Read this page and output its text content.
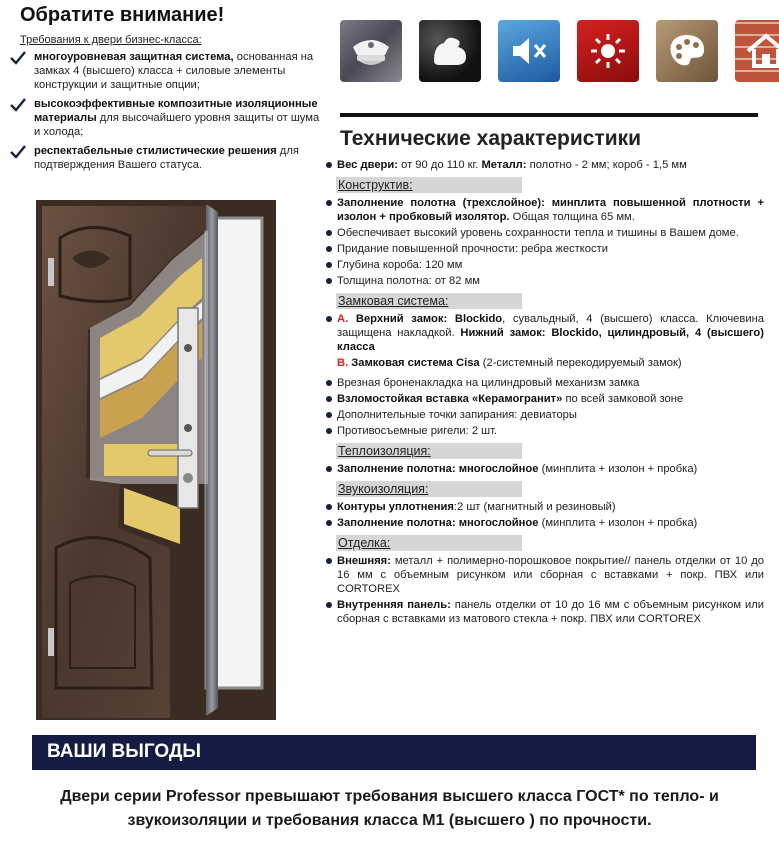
Обратите внимание!
Требования к двери бизнес-класса:
многоуровневая защитная система, основанная на замках 4 (высшего) класса + силовые элементы конструкции и защитные опции;
высокоэффективные композитные изоляционные материалы для высочайшего уровня защиты от шума и холода;
респектабельные стилистические решения для подтверждения Вашего статуса.
Технические характеристики
Вес двери: от 90 до 110 кг. Металл: полотно - 2 мм; короб - 1,5 мм
Конструктив:
Заполнение полотна (трехслойное): минплита повышенной плотности + изолон + пробковый изолятор. Общая толщина 65 мм.
Обеспечивает высокий уровень сохранности тепла и тишины в Вашем доме.
Придание повышенной прочности: ребра жесткости
Глубина короба: 120 мм
Толщина полотна: от 82 мм
Замковая система:
А. Верхний замок: Blockido, сувальдный, 4 (высшего) класса. Ключевина защищена накладкой. Нижний замок: Blockido, цилиндровый, 4 (высшего) класса
В. Замковая система Cisa (2-системный перекодируемый замок)
Врезная броненакладка на цилиндровый механизм замка
Взломостойкая вставка «Керамогранит» по всей замковой зоне
Дополнительные точки запирания: девиаторы
Противосъемные ригели: 2 шт.
Теплоизоляция:
Заполнение полотна: многослойное (минплита + изолон + пробка)
Звукоизоляция:
Контуры уплотнения:2 шт (магнитный и резиновый)
Заполнение полотна: многослойное (минплита + изолон + пробка)
Отделка:
Внешняя: металл + полимерно-порошковое покрытие// панель отделки от 10 до 16 мм с объемным рисунком или сборная с вставками + покр. ПВХ или CORTOREX
Внутренняя панель: панель отделки от 10 до 16 мм с объемным рисунком или сборная с вставками из матового стекла + покр. ПВХ или CORTOREX
ВАШИ ВЫГОДЫ
Двери серии Professor превышают требования высшего класса ГОСТ* по тепло- и звукоизоляции и требования класса М1 (высшего ) по прочности.
